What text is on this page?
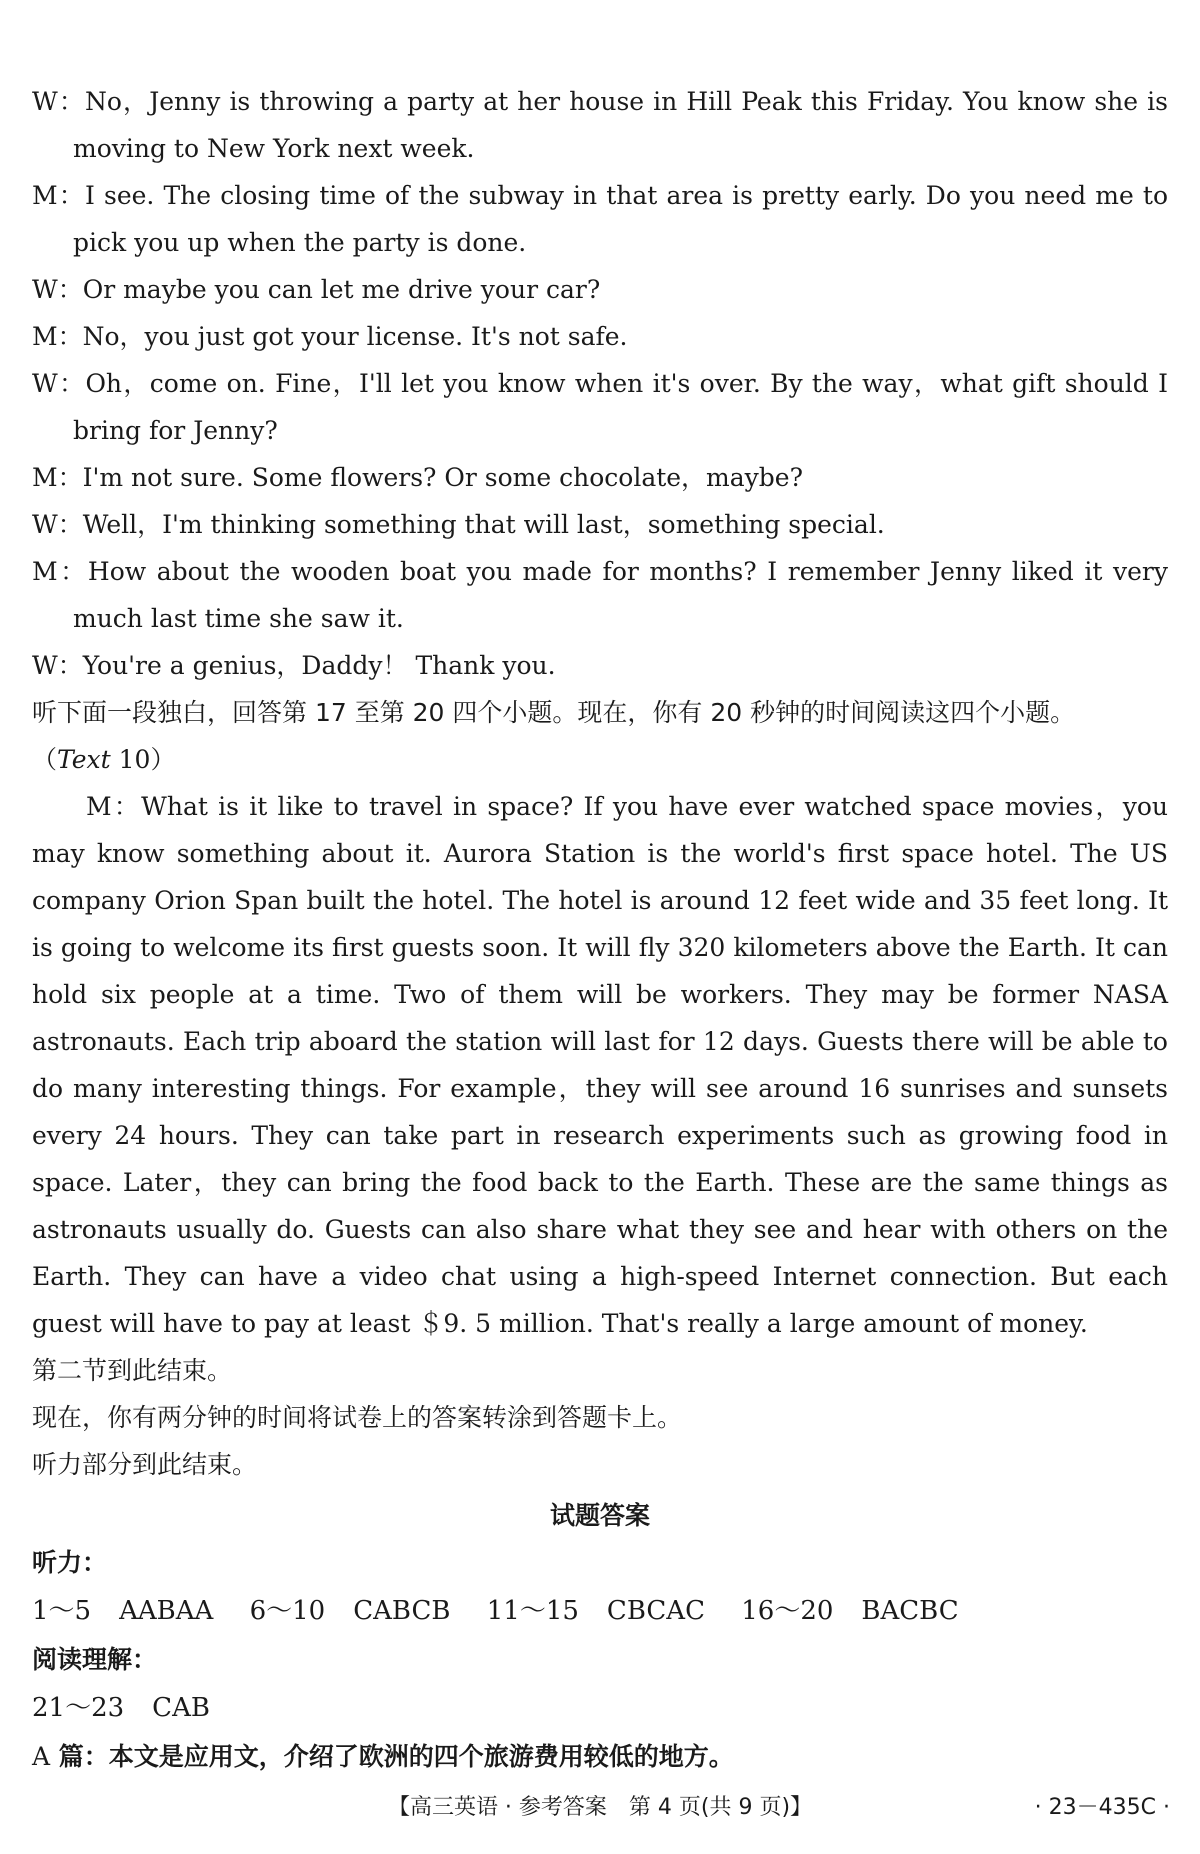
W：No，Jenny is throwing a party at her house in Hill Peak this Friday. You know she is moving to New York next week.
M：I see. The closing time of the subway in that area is pretty early. Do you need me to pick you up when the party is done.
W：Or maybe you can let me drive your car?
M：No，you just got your license. It's not safe.
W：Oh，come on. Fine，I'll let you know when it's over. By the way，what gift should I bring for Jenny?
M：I'm not sure. Some flowers? Or some chocolate，maybe?
W：Well，I'm thinking something that will last，something special.
M：How about the wooden boat you made for months? I remember Jenny liked it very much last time she saw it.
W：You're a genius，Daddy！ Thank you.
听下面一段独白，回答第 17 至第 20 四个小题。现在，你有 20 秒钟的时间阅读这四个小题。
（Text 10）
M：What is it like to travel in space? If you have ever watched space movies，you may know something about it. Aurora Station is the world's first space hotel. The US company Orion Span built the hotel. The hotel is around 12 feet wide and 35 feet long. It is going to welcome its first guests soon. It will fly 320 kilometers above the Earth. It can hold six people at a time. Two of them will be workers. They may be former NASA astronauts. Each trip aboard the station will last for 12 days. Guests there will be able to do many interesting things. For example，they will see around 16 sunrises and sunsets every 24 hours. They can take part in research experiments such as growing food in space. Later，they can bring the food back to the Earth. These are the same things as astronauts usually do. Guests can also share what they see and hear with others on the Earth. They can have a video chat using a high-speed Internet connection. But each guest will have to pay at least ＄9. 5 million. That's really a large amount of money.
第二节到此结束。
现在，你有两分钟的时间将试卷上的答案转涂到答题卡上。
听力部分到此结束。
试题答案
听力：
1～5 AABAA 6～10 CABCB 11～15 CBCAC 16～20 BACBC
阅读理解：
21～23 CAB
A 篇：本文是应用文，介绍了欧洲的四个旅游费用较低的地方。
【高三英语 · 参考答案　第 4 页(共 9 页)】	· 23－435C ·
